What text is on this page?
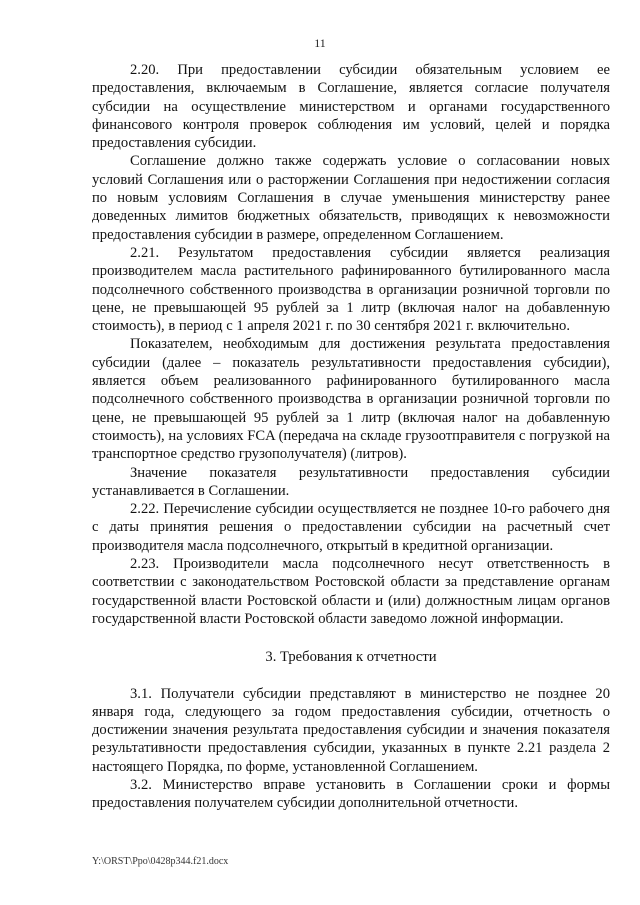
11

2.20. При предоставлении субсидии обязательным условием ее предоставления, включаемым в Соглашение, является согласие получателя субсидии на осуществление министерством и органами государственного финансового контроля проверок соблюдения им условий, целей и порядка предоставления субсидии.

Соглашение должно также содержать условие о согласовании новых условий Соглашения или о расторжении Соглашения при недостижении согласия по новым условиям Соглашения в случае уменьшения министерству ранее доведенных лимитов бюджетных обязательств, приводящих к невозможности предоставления субсидии в размере, определенном Соглашением.

2.21. Результатом предоставления субсидии является реализация производителем масла растительного рафинированного бутилированного масла подсолнечного собственного производства в организации розничной торговли по цене, не превышающей 95 рублей за 1 литр (включая налог на добавленную стоимость), в период с 1 апреля 2021 г. по 30 сентября 2021 г. включительно.

Показателем, необходимым для достижения результата предоставления субсидии (далее – показатель результативности предоставления субсидии), является объем реализованного рафинированного бутилированного масла подсолнечного собственного производства в организации розничной торговли по цене, не превышающей 95 рублей за 1 литр (включая налог на добавленную стоимость), на условиях FCA (передача на складе грузоотправителя с погрузкой на транспортное средство грузополучателя) (литров).

Значение показателя результативности предоставления субсидии устанавливается в Соглашении.

2.22. Перечисление субсидии осуществляется не позднее 10-го рабочего дня с даты принятия решения о предоставлении субсидии на расчетный счет производителя масла подсолнечного, открытый в кредитной организации.

2.23. Производители масла подсолнечного несут ответственность в соответствии с законодательством Ростовской области за представление органам государственной власти Ростовской области и (или) должностным лицам органов государственной власти Ростовской области заведомо ложной информации.

3. Требования к отчетности

3.1. Получатели субсидии представляют в министерство не позднее 20 января года, следующего за годом предоставления субсидии, отчетность о достижении значения результата предоставления субсидии и значения показателя результативности предоставления субсидии, указанных в пункте 2.21 раздела 2 настоящего Порядка, по форме, установленной Соглашением.

3.2. Министерство вправе установить в Соглашении сроки и формы предоставления получателем субсидии дополнительной отчетности.

Y:\ORST\Ppo\0428p344.f21.docx
